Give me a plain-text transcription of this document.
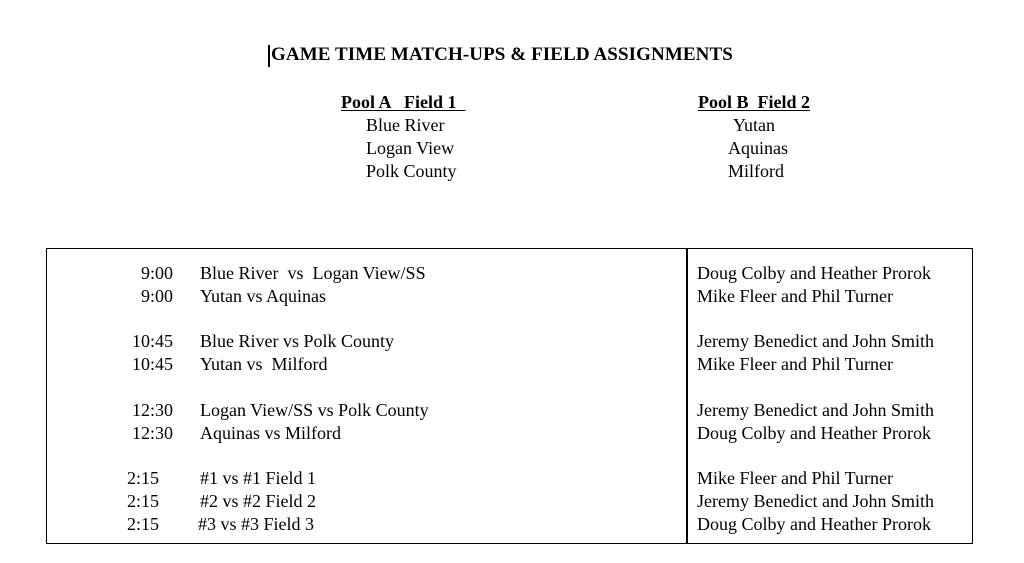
GAME TIME MATCH-UPS & FIELD ASSIGNMENTS
Pool A   Field 1
Blue River
Logan View
Polk County
Pool B  Field 2
Yutan
Aquinas
Milford
9:00 Blue River  vs  Logan View/SS	Doug Colby and Heather Prorok
9:00 Yutan vs Aquinas	Mike Fleer and Phil Turner
10:45 Blue River vs Polk County	Jeremy Benedict and John Smith
10:45 Yutan vs  Milford	Mike Fleer and Phil Turner
12:30 Logan View/SS vs Polk County	Jeremy Benedict and John Smith
12:30 Aquinas vs Milford	Doug Colby and Heather Prorok
2:15	#1 vs #1 Field 1	Mike Fleer and Phil Turner
2:15	#2 vs #2 Field 2	Jeremy Benedict and John Smith
2:15	#3 vs #3 Field 3	Doug Colby and Heather Prorok
